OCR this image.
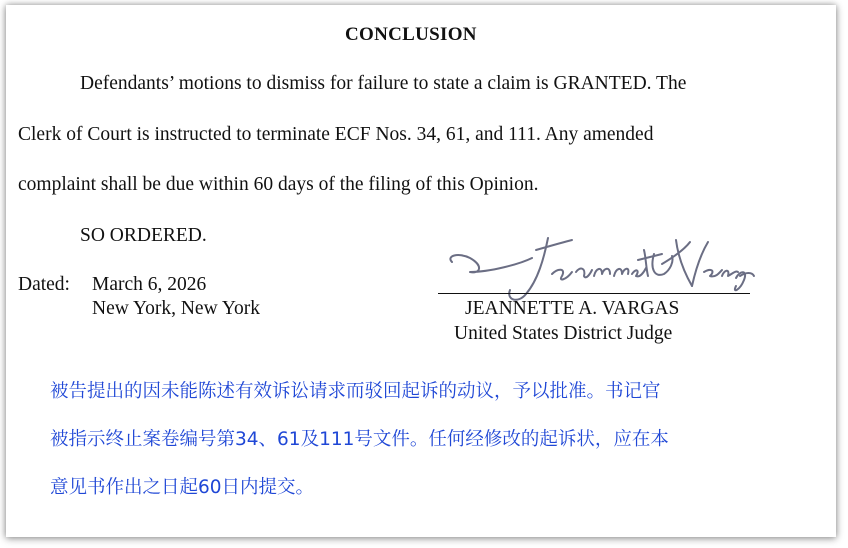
CONCLUSION
Defendants’ motions to dismiss for failure to state a claim is GRANTED. The
Clerk of Court is instructed to terminate ECF Nos. 34, 61, and 111. Any amended
complaint shall be due within 60 days of the filing of this Opinion.
SO ORDERED.
Dated: March 6, 2026
New York, New York	JEANNETTE A. VARGAS
United States District Judge
被告提出的因未能陈述有效诉讼请求而驳回起诉的动议，予以批准。书记官
被指示终止案卷编号第34、61及111号文件。任何经修改的起诉状，应在本
意见书作出之日起60日内提交。
